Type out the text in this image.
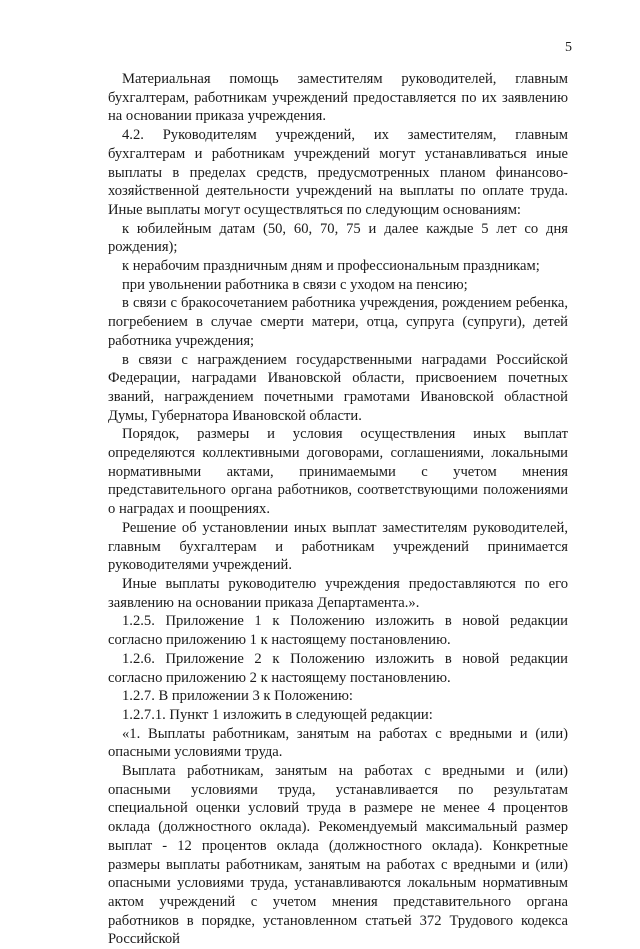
5

Материальная помощь заместителям руководителей, главным бухгалтерам, работникам учреждений предоставляется по их заявлению на основании приказа учреждения.

4.2. Руководителям учреждений, их заместителям, главным бухгалтерам и работникам учреждений могут устанавливаться иные выплаты в пределах средств, предусмотренных планом финансово-хозяйственной деятельности учреждений на выплаты по оплате труда. Иные выплаты могут осуществляться по следующим основаниям:

к юбилейным датам (50, 60, 70, 75 и далее каждые 5 лет со дня рождения);

к нерабочим праздничным дням и профессиональным праздникам;

при увольнении работника в связи с уходом на пенсию;

в связи с бракосочетанием работника учреждения, рождением ребенка, погребением в случае смерти матери, отца, супруга (супруги), детей работника учреждения;

в связи с награждением государственными наградами Российской Федерации, наградами Ивановской области, присвоением почетных званий, награждением почетными грамотами Ивановской областной Думы, Губернатора Ивановской области.

Порядок, размеры и условия осуществления иных выплат определяются коллективными договорами, соглашениями, локальными нормативными актами, принимаемыми с учетом мнения представительного органа работников, соответствующими положениями о наградах и поощрениях.

Решение об установлении иных выплат заместителям руководителей, главным бухгалтерам и работникам учреждений принимается руководителями учреждений.

Иные выплаты руководителю учреждения предоставляются по его заявлению на основании приказа Департамента.».

1.2.5. Приложение 1 к Положению изложить в новой редакции согласно приложению 1 к настоящему постановлению.

1.2.6. Приложение 2 к Положению изложить в новой редакции согласно приложению 2 к настоящему постановлению.

1.2.7. В приложении 3 к Положению:

1.2.7.1. Пункт 1 изложить в следующей редакции:

«1. Выплаты работникам, занятым на работах с вредными и (или) опасными условиями труда.

Выплата работникам, занятым на работах с вредными и (или) опасными условиями труда, устанавливается по результатам специальной оценки условий труда в размере не менее 4 процентов оклада (должностного оклада). Рекомендуемый максимальный размер выплат - 12 процентов оклада (должностного оклада). Конкретные размеры выплаты работникам, занятым на работах с вредными и (или) опасными условиями труда, устанавливаются локальным нормативным актом учреждений с учетом мнения представительного органа работников в порядке, установленном статьей 372 Трудового кодекса Российской
